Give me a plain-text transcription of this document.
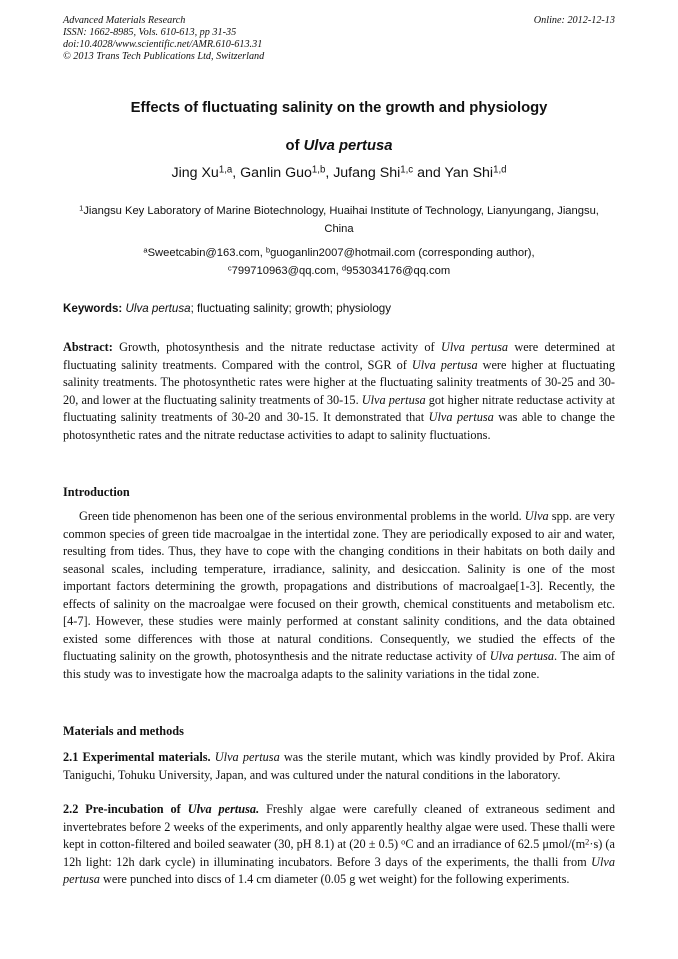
Advanced Materials Research
ISSN: 1662-8985, Vols. 610-613, pp 31-35
doi:10.4028/www.scientific.net/AMR.610-613.31
© 2013 Trans Tech Publications Ltd, Switzerland
Online: 2012-12-13
Effects of fluctuating salinity on the growth and physiology
of Ulva pertusa
Jing Xu$^{1,a}$, Ganlin Guo$^{1,b}$, Jufang Shi$^{1,c}$ and Yan Shi$^{1,d}$
$^1$Jiangsu Key Laboratory of Marine Biotechnology, Huaihai Institute of Technology, Lianyungang, Jiangsu, China
$^a$Sweetcabin@163.com, $^b$guoganlin2007@hotmail.com (corresponding author),
$^c$799710963@qq.com, $^d$953034176@qq.com
Keywords: Ulva pertusa; fluctuating salinity; growth; physiology
Abstract: Growth, photosynthesis and the nitrate reductase activity of Ulva pertusa were determined at fluctuating salinity treatments. Compared with the control, SGR of Ulva pertusa were higher at fluctuating salinity treatments. The photosynthetic rates were higher at the fluctuating salinity treatments of 30-25 and 30-20, and lower at the fluctuating salinity treatments of 30-15. Ulva pertusa got higher nitrate reductase activity at fluctuating salinity treatments of 30-20 and 30-15. It demonstrated that Ulva pertusa was able to change the photosynthetic rates and the nitrate reductase activities to adapt to salinity fluctuations.
Introduction
Green tide phenomenon has been one of the serious environmental problems in the world. Ulva spp. are very common species of green tide macroalgae in the intertidal zone. They are periodically exposed to air and water, resulting from tides. Thus, they have to cope with the changing conditions in their habitats on both daily and seasonal scales, including temperature, irradiance, salinity, and desiccation. Salinity is one of the most important factors determining the growth, propagations and distributions of macroalgae[1-3]. Recently, the effects of salinity on the macroalgae were focused on their growth, chemical constituents and metabolism etc. [4-7]. However, these studies were mainly performed at constant salinity conditions, and the data obtained existed some differences with those at natural conditions. Consequently, we studied the effects of the fluctuating salinity on the growth, photosynthesis and the nitrate reductase activity of Ulva pertusa. The aim of this study was to investigate how the macroalga adapts to the salinity variations in the tidal zone.
Materials and methods
2.1 Experimental materials. Ulva pertusa was the sterile mutant, which was kindly provided by Prof. Akira Taniguchi, Tohuku University, Japan, and was cultured under the natural conditions in the laboratory.
2.2 Pre-incubation of Ulva pertusa. Freshly algae were carefully cleaned of extraneous sediment and invertebrates before 2 weeks of the experiments, and only apparently healthy algae were used. These thalli were kept in cotton-filtered and boiled seawater (30, pH 8.1) at (20 ± 0.5) $^o$C and an irradiance of 62.5 μmol/$(m^2\cdot s)$ (a 12h light: 12h dark cycle) in illuminating incubators. Before 3 days of the experiments, the thalli from Ulva pertusa were punched into discs of 1.4 cm diameter (0.05 g wet weight) for the following experiments.
